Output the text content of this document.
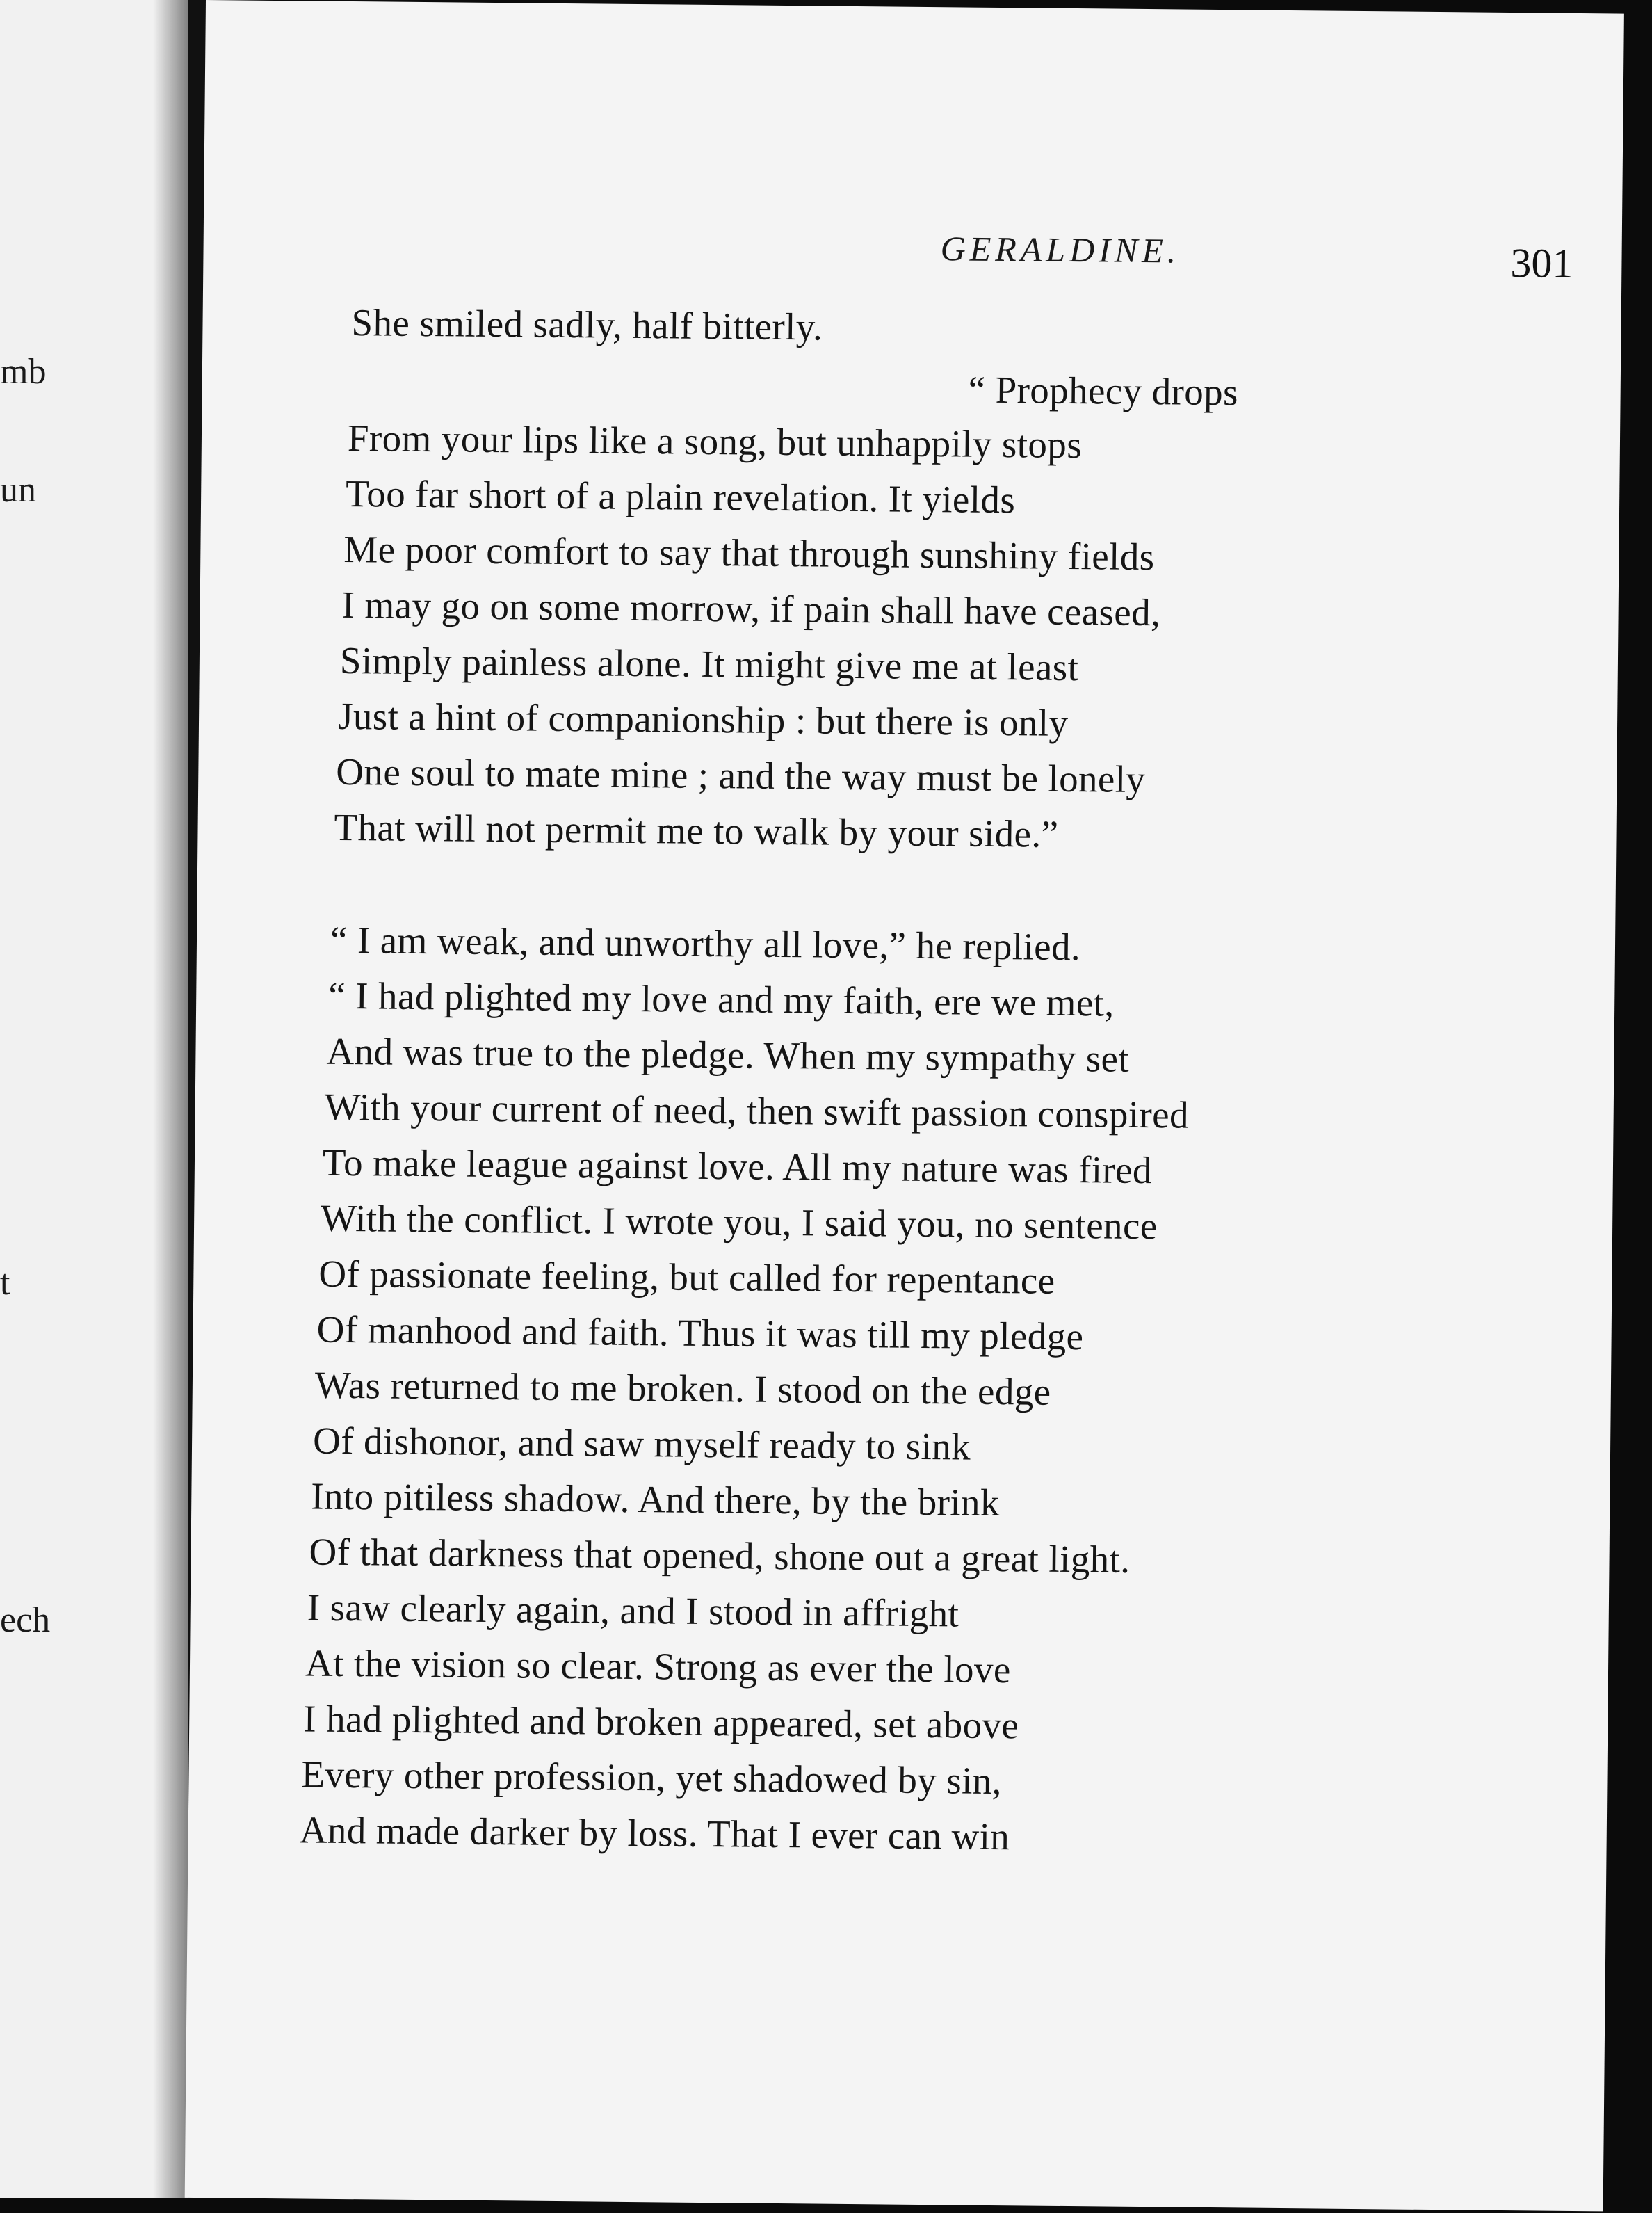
mb
un
t
ech
GERALDINE.	301
She smiled sadly, half bitterly.
“ Prophecy drops
From your lips like a song, but unhappily stops
Too far short of a plain revelation. It yields
Me poor comfort to say that through sunshiny fields
I may go on some morrow, if pain shall have ceased,
Simply painless alone. It might give me at least
Just a hint of companionship : but there is only
One soul to mate mine ; and the way must be lonely
That will not permit me to walk by your side.”
“ I am weak, and unworthy all love,” he replied.
“ I had plighted my love and my faith, ere we met,
And was true to the pledge. When my sympathy set
With your current of need, then swift passion conspired
To make league against love. All my nature was fired
With the conflict. I wrote you, I said you, no sentence
Of passionate feeling, but called for repentance
Of manhood and faith. Thus it was till my pledge
Was returned to me broken. I stood on the edge
Of dishonor, and saw myself ready to sink
Into pitiless shadow. And there, by the brink
Of that darkness that opened, shone out a great light.
I saw clearly again, and I stood in affright
At the vision so clear. Strong as ever the love
I had plighted and broken appeared, set above
Every other profession, yet shadowed by sin,
And made darker by loss. That I ever can win
